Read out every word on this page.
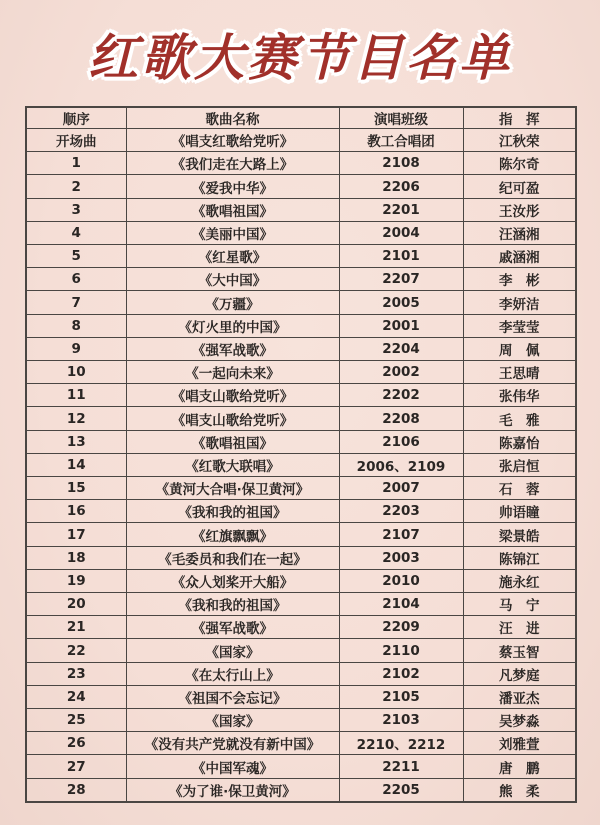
红歌大赛节目名单
顺序	歌曲名称	演唱班级	指　挥
开场曲	《唱支红歌给党听》	教工合唱团	江秋荣
1	《我们走在大路上》	2108	陈尔奇
2	《爱我中华》	2206	纪可盈
3	《歌唱祖国》	2201	王汝彤
4	《美丽中国》	2004	汪涵湘
5	《红星歌》	2101	戚涵湘
6	《大中国》	2207	李　彬
7	《万疆》	2005	李妍洁
8	《灯火里的中国》	2001	李莹莹
9	《强军战歌》	2204	周　佩
10	《一起向未来》	2002	王思晴
11	《唱支山歌给党听》	2202	张伟华
12	《唱支山歌给党听》	2208	毛　雅
13	《歌唱祖国》	2106	陈嘉怡
14	《红歌大联唱》	2006、2109	张启恒
15	《黄河大合唱·保卫黄河》	2007	石　蓉
16	《我和我的祖国》	2203	帅语瞳
17	《红旗飘飘》	2107	梁景皓
18	《毛委员和我们在一起》	2003	陈锦江
19	《众人划桨开大船》	2010	施永红
20	《我和我的祖国》	2104	马　宁
21	《强军战歌》	2209	汪　进
22	《国家》	2110	蔡玉智
23	《在太行山上》	2102	凡梦庭
24	《祖国不会忘记》	2105	潘亚杰
25	《国家》	2103	吴梦淼
26	《没有共产党就没有新中国》	2210、2212	刘雅萱
27	《中国军魂》	2211	唐　鹏
28	《为了谁·保卫黄河》	2205	熊　柔
